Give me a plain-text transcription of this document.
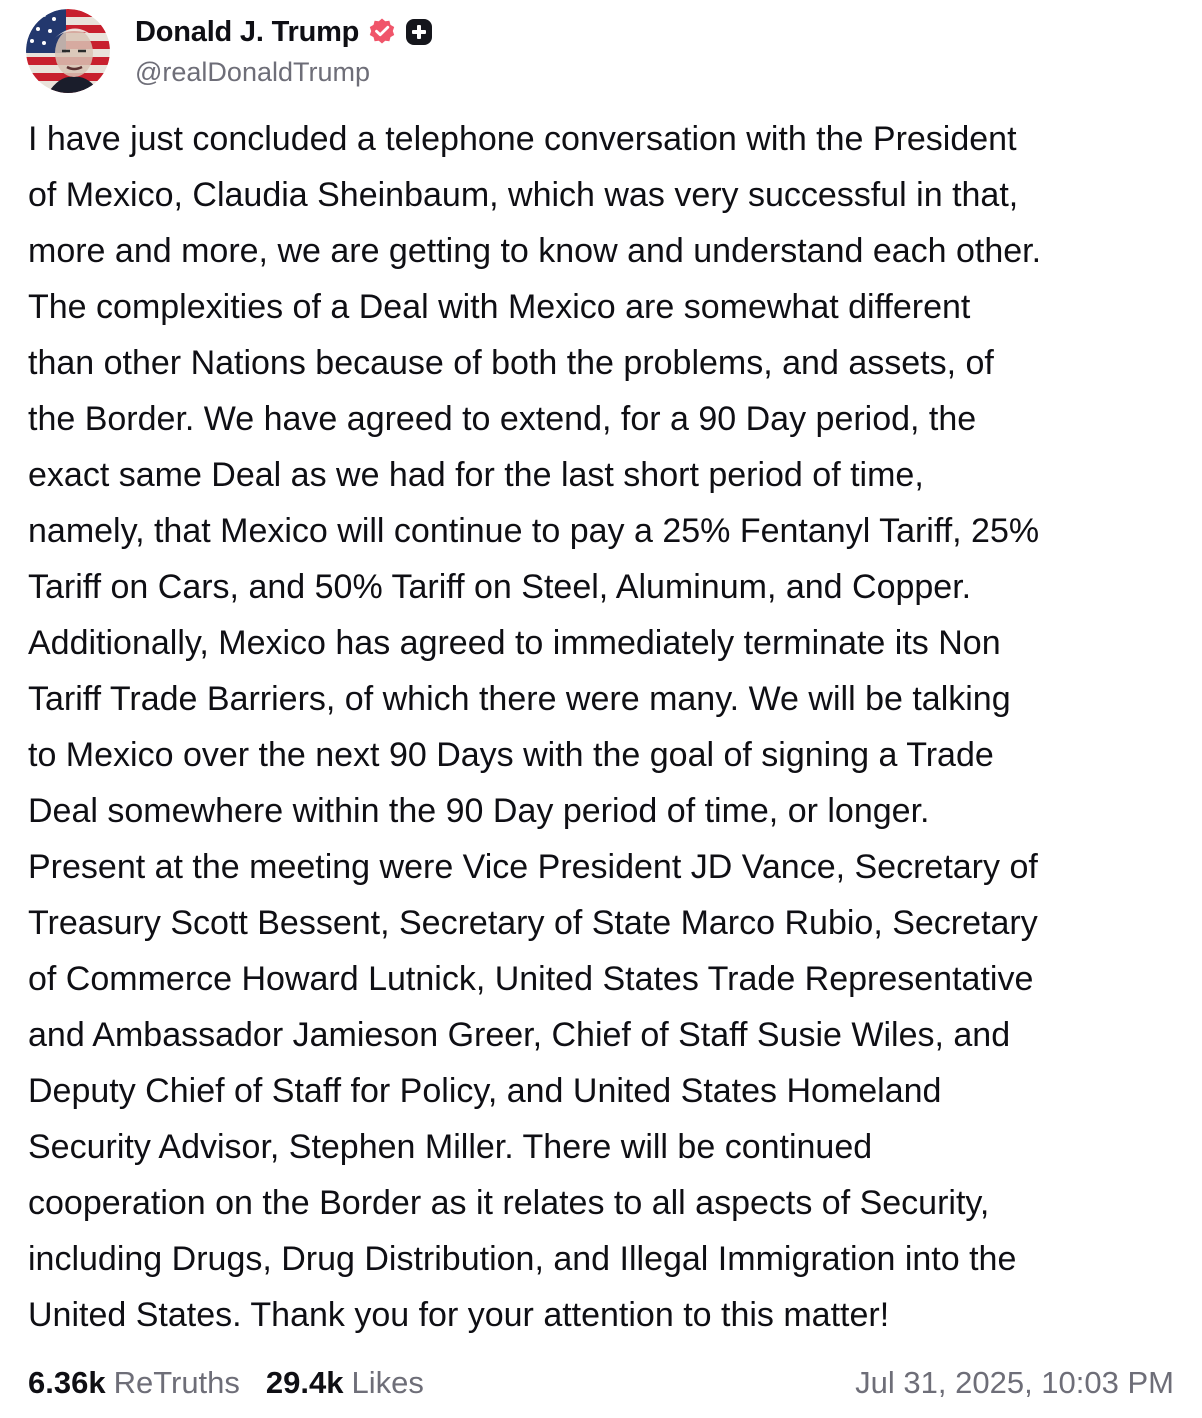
Donald J. Trump
@realDonaldTrump
I have just concluded a telephone conversation with the President
of Mexico, Claudia Sheinbaum, which was very successful in that,
more and more, we are getting to know and understand each other.
The complexities of a Deal with Mexico are somewhat different
than other Nations because of both the problems, and assets, of
the Border. We have agreed to extend, for a 90 Day period, the
exact same Deal as we had for the last short period of time,
namely, that Mexico will continue to pay a 25% Fentanyl Tariff, 25%
Tariff on Cars, and 50% Tariff on Steel, Aluminum, and Copper.
Additionally, Mexico has agreed to immediately terminate its Non
Tariff Trade Barriers, of which there were many. We will be talking
to Mexico over the next 90 Days with the goal of signing a Trade
Deal somewhere within the 90 Day period of time, or longer.
Present at the meeting were Vice President JD Vance, Secretary of
Treasury Scott Bessent, Secretary of State Marco Rubio, Secretary
of Commerce Howard Lutnick, United States Trade Representative
and Ambassador Jamieson Greer, Chief of Staff Susie Wiles, and
Deputy Chief of Staff for Policy, and United States Homeland
Security Advisor, Stephen Miller. There will be continued
cooperation on the Border as it relates to all aspects of Security,
including Drugs, Drug Distribution, and Illegal Immigration into the
United States. Thank you for your attention to this matter!
6.36k ReTruths 29.4k Likes	Jul 31, 2025, 10:03 PM
